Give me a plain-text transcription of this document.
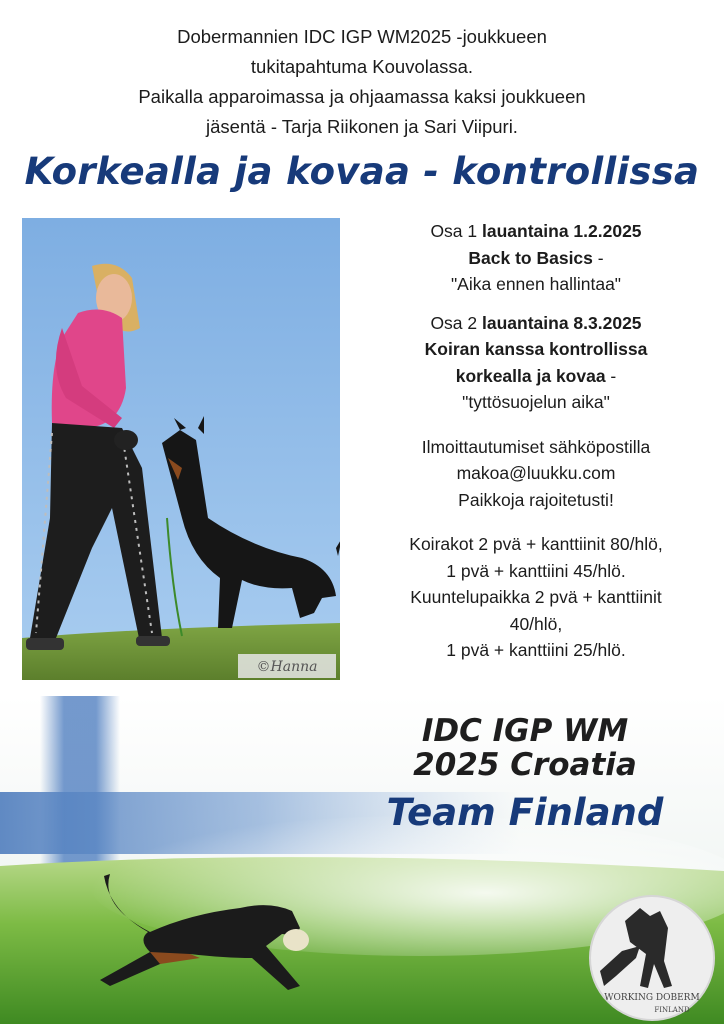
Dobermannien IDC IGP WM2025 -joukkueen
tukitapahtuma Kouvolassa.
Paikalla apparoimassa ja ohjaamassa kaksi joukkueen
jäsentä - Tarja Riikonen ja Sari Viipuri.
Korkealla ja kovaa - kontrollissa
©Hanna
Osa 1 lauantaina 1.2.2025
Back to Basics -
"Aika ennen hallintaa"
Osa 2 lauantaina 8.3.2025
Koiran kanssa kontrollissa
korkealla ja kovaa -
"tyttösuojelun aika"
Ilmoittautumiset sähköpostilla
makoa@luukku.com
Paikkoja rajoitetusti!
Koirakot 2 pvä + kanttiinit 80/hlö,
1 pvä + kanttiini 45/hlö.
Kuuntelupaikka 2 pvä + kanttiinit
40/hlö,
1 pvä + kanttiini 25/hlö.
WORKING DOBERM
FINLAND
IDC IGP WM
2025 Croatia
Team Finland
